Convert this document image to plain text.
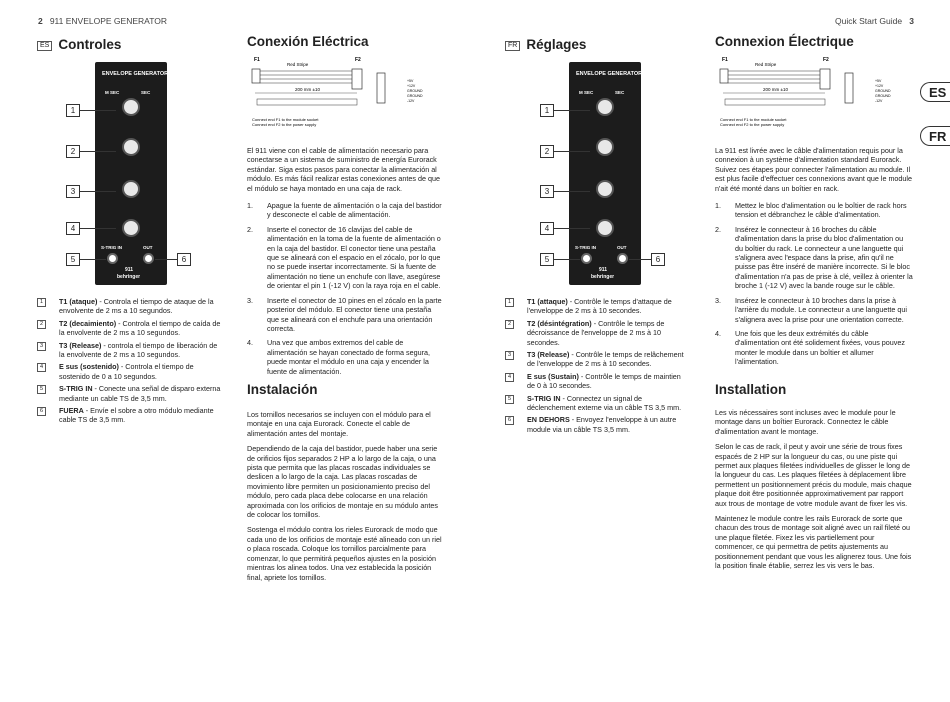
2 911 ENVELOPE GENERATOR	Quick Start Guide 3
ES
FR
ES Controles
ENVELOPE GENERATOR
M SEC	SEC
S-TRIG IN	OUT
911
behringer
1
2
3
4
5	6
1	T1 (ataque) - Controla el tiempo de ataque de la envolvente de 2 ms a 10 segundos.
2	T2 (decaimiento) - Controla el tiempo de caída de la envolvente de 2 ms a 10 segundos.
3	T3 (Release) - controla el tiempo de liberación de la envolvente de 2 ms a 10 segundos.
4	E sus (sostenido) - Controla el tiempo de sostenido de 0 a 10 segundos.
5	S-TRIG IN - Conecte una señal de disparo externa mediante un cable TS de 3,5 mm.
6	FUERA - Envíe el sobre a otro módulo mediante cable TS de 3,5 mm.
Conexión Eléctrica
F1	F2
Red Stripe
200 mm ±10
+5V
+12V
GROUND
GROUND
-12V
Connect end F1 to the module socket
Connect end F2 to the power supply

El 911 viene con el cable de alimentación necesario para conectarse a un sistema de suministro de energía Eurorack estándar. Siga estos pasos para conectar la alimentación al módulo. Es más fácil realizar estas conexiones antes de que el módulo se haya montado en una caja de rack.

1. Apague la fuente de alimentación o la caja del bastidor y desconecte el cable de alimentación.
2. Inserte el conector de 16 clavijas del cable de alimentación en la toma de la fuente de alimentación o en la caja del bastidor. El conector tiene una pestaña que se alineará con el espacio en el zócalo, por lo que no se puede insertar incorrectamente. Si la fuente de alimentación no tiene un enchufe con llave, asegúrese de orientar el pin 1 (-12 V) con la raya roja en el cable.
3. Inserte el conector de 10 pines en el zócalo en la parte posterior del módulo. El conector tiene una pestaña que se alineará con el enchufe para una orientación correcta.
4. Una vez que ambos extremos del cable de alimentación se hayan conectado de forma segura, puede montar el módulo en una caja y encender la fuente de alimentación.
Instalación

Los tornillos necesarios se incluyen con el módulo para el montaje en una caja Eurorack. Conecte el cable de alimentación antes del montaje.

Dependiendo de la caja del bastidor, puede haber una serie de orificios fijos separados 2 HP a lo largo de la caja, o una pista que permita que las placas roscadas individuales se deslicen a lo largo de la caja. Las placas roscadas de movimiento libre permiten un posicionamiento preciso del módulo, pero cada placa debe colocarse en una relación aproximada con los orificios de montaje en su módulo antes de colocar los tornillos.

Sostenga el módulo contra los rieles Eurorack de modo que cada uno de los orificios de montaje esté alineado con un riel o placa roscada. Coloque los tornillos parcialmente para comenzar, lo que permitirá pequeños ajustes en la posición mientras los alinea todos. Una vez establecida la posición final, apriete los tornillos.

FR Réglages
ENVELOPE GENERATOR
M SEC	SEC
S-TRIG IN	OUT
911
behringer
1
2
3
4
5	6
1	T1 (attaque) - Contrôle le temps d'attaque de l'enveloppe de 2 ms à 10 secondes.
2	T2 (désintégration) - Contrôle le temps de décroissance de l'enveloppe de 2 ms à 10 secondes.
3	T3 (Release) - Contrôle le temps de relâchement de l'enveloppe de 2 ms à 10 secondes.
4	E sus (Sustain) - Contrôle le temps de maintien de 0 à 10 secondes.
5	S-TRIG IN - Connectez un signal de déclenchement externe via un câble TS 3,5 mm.
6	EN DEHORS - Envoyez l'enveloppe à un autre module via un câble TS 3,5 mm.
Connexion Électrique
F1	F2
Red Stripe
200 mm ±10
+5V
+12V
GROUND
GROUND
-12V
Connect end F1 to the module socket
Connect end F2 to the power supply

La 911 est livrée avec le câble d'alimentation requis pour la connexion à un système d'alimentation standard Eurorack. Suivez ces étapes pour connecter l'alimentation au module. Il est plus facile d'effectuer ces connexions avant que le module n'ait été monté dans un boîtier en rack.

1. Mettez le bloc d'alimentation ou le boîtier de rack hors tension et débranchez le câble d'alimentation.
2. Insérez le connecteur à 16 broches du câble d'alimentation dans la prise du bloc d'alimentation ou du boîtier du rack. Le connecteur a une languette qui s'alignera avec l'espace dans la prise, afin qu'il ne puisse pas être inséré de manière incorrecte. Si le bloc d'alimentation n'a pas de prise à clé, veillez à orienter la broche 1 (-12 V) avec la bande rouge sur le câble.
3. Insérez le connecteur à 10 broches dans la prise à l'arrière du module. Le connecteur a une languette qui s'alignera avec la prise pour une orientation correcte.
4. Une fois que les deux extrémités du câble d'alimentation ont été solidement fixées, vous pouvez monter le module dans un boîtier et allumer l'alimentation.
Installation

Les vis nécessaires sont incluses avec le module pour le montage dans un boîtier Eurorack. Connectez le câble d'alimentation avant le montage.

Selon le cas de rack, il peut y avoir une série de trous fixes espacés de 2 HP sur la longueur du cas, ou une piste qui permet aux plaques filetées individuelles de glisser le long de la longueur du cas. Les plaques filetées à déplacement libre permettent un positionnement précis du module, mais chaque plaque doit être positionnée approximativement par rapport aux trous de montage de votre module avant de fixer les vis.

Maintenez le module contre les rails Eurorack de sorte que chacun des trous de montage soit aligné avec un rail fileté ou une plaque filetée. Fixez les vis partiellement pour commencer, ce qui permettra de petits ajustements au positionnement pendant que vous les alignerez tous. Une fois la position finale établie, serrez les vis vers le bas.
